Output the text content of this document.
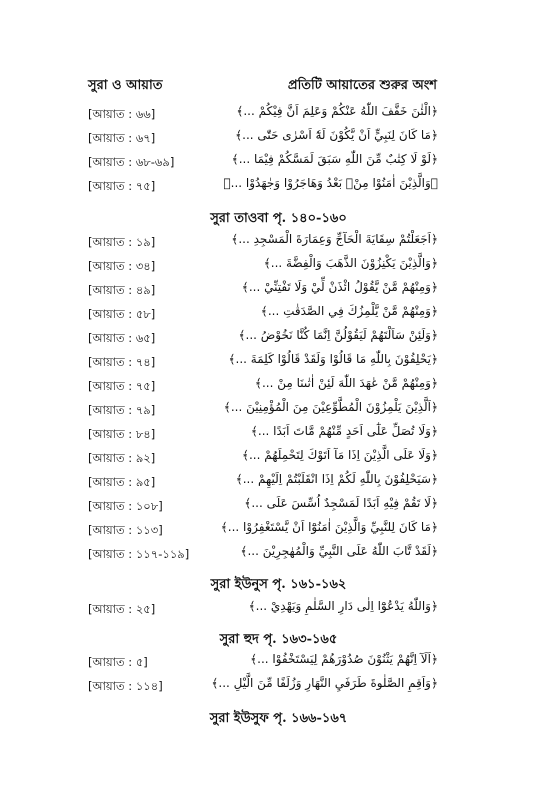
সুরা ও আয়াত	প্রতিটি আয়াতের শুরুর অংশ
[আয়াত : ৬৬]	﴿الْئٰنَ خَفَّفَ اللّٰهُ عَنْكُمْ وَعَلِمَ اَنَّ فِيْكُمْ ...﴾
[আয়াত : ৬৭]	﴿مَا كَانَ لِنَبِيٍّ اَنْ يَّكُوْنَ لَهٗٓ اَسْرٰى حَتّٰى ...﴾
[আয়াত : ৬৮-৬৯]	﴿لَوْ لَا كِتٰبٌ مِّنَ اللّٰهِ سَبَقَ لَمَسَّكُمْ فِيْمَا ...﴾
[আয়াত : ৭৫]	﴿وَالَّذِيْنَ اٰمَنُوْا مِنْۢ بَعْدُ وَهَاجَرُوْا وَجٰهَدُوْا ...﴾
সুরা তাওবা পৃ. ১৪০-১৬০
[আয়াত : ১৯]	﴿اَجَعَلْتُمْ سِقَايَةَ الْحَآجِّ وَعِمَارَةَ الْمَسْجِدِ ...﴾
[আয়াত : ৩৪]	﴿وَالَّذِيْنَ يَكْنِزُوْنَ الذَّهَبَ وَالْفِضَّةَ ...﴾
[আয়াত : ৪৯]	﴿وَمِنْهُمْ مَّنْ يَّقُوْلُ ائْذَنْ لِّيْ وَلَا تَفْتِنِّيْ ...﴾
[আয়াত : ৫৮]	﴿وَمِنْهُمْ مَّنْ يَّلْمِزُكَ فِي الصَّدَقٰتِ ...﴾
[আয়াত : ৬৫]	﴿وَلَئِنْ سَاَلْتَهُمْ لَيَقُوْلُنَّ اِنَّمَا كُنَّا نَخُوْضُ ...﴾
[আয়াত : ৭৪]	﴿يَحْلِفُوْنَ بِاللّٰهِ مَا قَالُوْا وَلَقَدْ قَالُوْا كَلِمَةَ ...﴾
[আয়াত : ৭৫]	﴿وَمِنْهُمْ مَّنْ عٰهَدَ اللّٰهَ لَئِنْ اٰتٰىنَا مِنْ ...﴾
[আয়াত : ৭৯]	﴿اَلَّذِيْنَ يَلْمِزُوْنَ الْمُطَّوِّعِيْنَ مِنَ الْمُؤْمِنِيْنَ ...﴾
[আয়াত : ৮৪]	﴿وَلَا تُصَلِّ عَلٰٓى اَحَدٍ مِّنْهُمْ مَّاتَ اَبَدًا ...﴾
[আয়াত : ৯২]	﴿وَلَا عَلَى الَّذِيْنَ اِذَا مَآ اَتَوْكَ لِتَحْمِلَهُمْ ...﴾
[আয়াত : ৯৫]	﴿سَيَحْلِفُوْنَ بِاللّٰهِ لَكُمْ اِذَا انْقَلَبْتُمْ اِلَيْهِمْ ...﴾
[আয়াত : ১০৮]	﴿لَا تَقُمْ فِيْهِ اَبَدًا لَمَسْجِدٌ اُسِّسَ عَلَى ...﴾
[আয়াত : ১১৩]	﴿مَا كَانَ لِلنَّبِيِّ وَالَّذِيْنَ اٰمَنُوْٓا اَنْ يَّسْتَغْفِرُوْا ...﴾
[আয়াত : ১১৭-১১৯]	﴿لَقَدْ تَّابَ اللّٰهُ عَلَى النَّبِيِّ وَالْمُهٰجِرِيْنَ ...﴾
সুরা ইউনুস পৃ. ১৬১-১৬২
[আয়াত : ২৫]	﴿وَاللّٰهُ يَدْعُوْٓا اِلٰى دَارِ السَّلٰمِ وَيَهْدِيْ ...﴾
সুরা হুদ পৃ. ১৬৩-১৬৫
[আয়াত : ৫]	﴿اَلَآ اِنَّهُمْ يَثْنُوْنَ صُدُوْرَهُمْ لِيَسْتَخْفُوْا ...﴾
[আয়াত : ১১৪]	﴿وَاَقِمِ الصَّلٰوةَ طَرَفَيِ النَّهَارِ وَزُلَفًا مِّنَ الَّيْلِ ...﴾
সুরা ইউসুফ পৃ. ১৬৬-১৬৭
